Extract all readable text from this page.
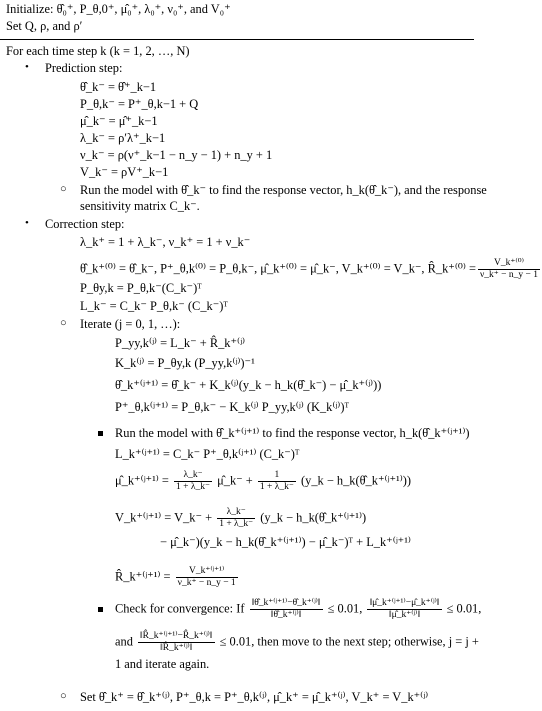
Initialize: θ̂₀⁺, P_θ,0⁺, μ̂₀⁺, λ₀⁺, ν₀⁺, and V₀⁺
Set Q, ρ, and ρ′
For each time step k (k = 1, 2, …, N)
• Prediction step:
θ̂_k⁻ = θ̂⁺_k−1
P_θ,k⁻ = P⁺_θ,k−1 + Q
μ̂_k⁻ = μ̂⁺_k−1
λ_k⁻ = ρ′λ⁺_k−1
ν_k⁻ = ρ(ν⁺_k−1 − n_y − 1) + n_y + 1
V_k⁻ = ρV⁺_k−1
○ Run the model with θ̂_k⁻ to find the response vector, h_k(θ̂_k⁻), and the response
sensitivity matrix C_k⁻.
• Correction step:
λ_k⁺ = 1 + λ_k⁻, ν_k⁺ = 1 + ν_k⁻
θ̂_k⁺⁽⁰⁾ = θ̂_k⁻, P⁺_θ,k⁽⁰⁾ = P_θ,k⁻, μ̂_k⁺⁽⁰⁾ = μ̂_k⁻, V_k⁺⁽⁰⁾ = V_k⁻, R̂_k⁺⁽⁰⁾ = $\frac{\text{V\_k⁺⁽⁰⁾}}{\nu\_k^+ - n\_y - 1}$
P_θy,k = P_θ,k⁻(C_k⁻)ᵀ
L_k⁻ = C_k⁻ P_θ,k⁻ (C_k⁻)ᵀ
○ Iterate (j = 0, 1, …):
P_yy,k⁽ʲ⁾ = L_k⁻ + R̂_k⁺⁽ʲ⁾
K_k⁽ʲ⁾ = P_θy,k (P_yy,k⁽ʲ⁾)⁻¹
θ̂_k⁺⁽ʲ⁺¹⁾ = θ̂_k⁻ + K_k⁽ʲ⁾(y_k − h_k(θ̂_k⁻) − μ̂_k⁺⁽ʲ⁾))
P⁺_θ,k⁽ʲ⁺¹⁾ = P_θ,k⁻ − K_k⁽ʲ⁾ P_yy,k⁽ʲ⁾ (K_k⁽ʲ⁾)ᵀ
Run the model with θ̂_k⁺⁽ʲ⁺¹⁾ to find the response vector, h_k(θ̂_k⁺⁽ʲ⁺¹⁾)
L_k⁺⁽ʲ⁺¹⁾ = C_k⁻ P⁺_θ,k⁽ʲ⁺¹⁾ (C_k⁻)ᵀ
μ̂_k⁺⁽ʲ⁺¹⁾ = $\frac{\lambda\_k^-}{1 + \lambda\_k^-}$ μ̂_k⁻ + $\frac{1}{1 + \lambda\_k^-}$ (y_k − h_k(θ̂_k⁺⁽ʲ⁺¹⁾))
V_k⁺⁽ʲ⁺¹⁾ = V_k⁻ + $\frac{\lambda\_k^-}{1 + \lambda\_k^-}$ (y_k − h_k(θ̂_k⁺⁽ʲ⁺¹⁾)
− μ̂_k⁻)(y_k − h_k(θ̂_k⁺⁽ʲ⁺¹⁾) − μ̂_k⁻)ᵀ + L_k⁺⁽ʲ⁺¹⁾
R̂_k⁺⁽ʲ⁺¹⁾ = $\frac{\text{V\_k⁺⁽ʲ⁺¹⁾}}{\nu\_k^+ - n\_y - 1}$
Check for convergence: If $\frac{\text{‖θ̂\_k⁺⁽ʲ⁺¹⁾−θ̂\_k⁺⁽ʲ⁾‖}}{\text{‖θ̂\_k⁺⁽ʲ⁾‖}} \le 0.01$, $\frac{\text{‖μ̂\_k⁺⁽ʲ⁺¹⁾−μ̂\_k⁺⁽ʲ⁾‖}}{\text{‖μ̂\_k⁺⁽ʲ⁾‖}} \le 0.01$,
and $\frac{\text{‖R̂\_k⁺⁽ʲ⁺¹⁾−R̂\_k⁺⁽ʲ⁾‖}}{\text{‖R̂\_k⁺⁽ʲ⁾‖}} \le 0.01$, then move to the next step; otherwise, j = j +
1 and iterate again.
○ Set θ̂_k⁺ = θ̂_k⁺⁽ʲ⁾, P⁺_θ,k = P⁺_θ,k⁽ʲ⁾, μ̂_k⁺ = μ̂_k⁺⁽ʲ⁾, V_k⁺ = V_k⁺⁽ʲ⁾
